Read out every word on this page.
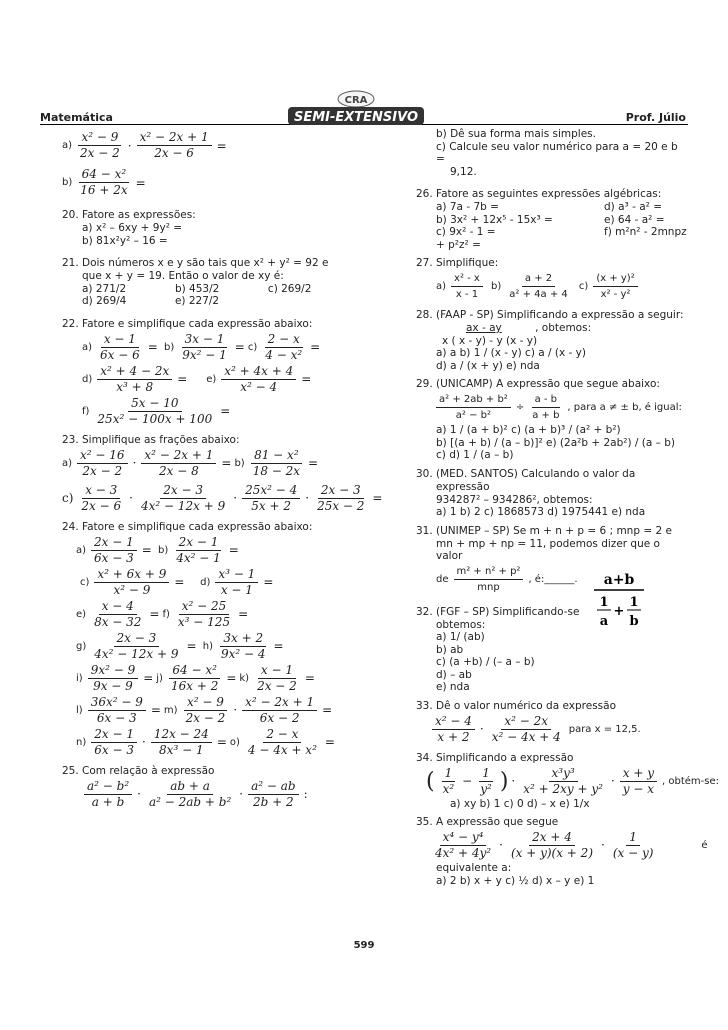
Matemática	Prof. Júlio
CRA
SEMI-EXTENSIVO
$a) \frac{\text{x² − 9}}{2x - 2} \cdot \frac{\text{x² − 2x + 1}}{2x - 6}$ =
$b) \frac{\text{64 − x²}}{16 + 2x}$ =
20. Fatore as expressões:
a) x² – 6xy + 9y² =
b) 81x²y² – 16 =
21. Dois números x e y são tais que x² + y² = 92 e
que x + y = 19. Então o valor de xy é:
a) 271/2	b) 453/2	c) 269/2
d) 269/4	e) 227/2
22. Fatore e simplifique cada expressão abaixo:
$a) \frac{x - 1}{6x - 6} = b) \frac{3x - 1}{\text{9x² − 1}} = c) \frac{2 - x}{\text{4 − x²}}$ =
$d) \frac{\text{x² + 4 − 2x}}{\text{x³ + 8}} = e) \frac{\text{x² + 4x + 4}}{\text{x² − 4}}$ =
$f) \frac{5x - 10}{\text{25x² − 100x + 100}}$ =
23. Simplifique as frações abaixo:
$a) \frac{\text{x² − 16}}{2x - 2} \cdot \frac{\text{x² − 2x + 1}}{2x - 8} = b) \frac{\text{81 − x²}}{18 - 2x}$ =
$c) \frac{x - 3}{2x - 6} \cdot \frac{2x - 3}{\text{4x² − 12x + 9}} \cdot \frac{\text{25x² − 4}}{5x + 2} \cdot \frac{2x - 3}{25x - 2}$ =
24. Fatore e simplifique cada expressão abaixo:
$a) \frac{2x - 1}{6x - 3} = b) \frac{2x - 1}{\text{4x² − 1}}$ =
$c) \frac{\text{x² + 6x + 9}}{\text{x² − 9}} = d) \frac{\text{x³ − 1}}{x - 1}$ =
$e) \frac{x - 4}{8x - 32} = f) \frac{\text{x² − 25}}{\text{x³ − 125}}$ =
$g) \frac{2x - 3}{\text{4x² − 12x + 9}} = h) \frac{3x + 2}{\text{9x² − 4}}$ =
$i) \frac{\text{9x² − 9}}{9x - 9} = j) \frac{\text{64 − x²}}{16x + 2} = k) \frac{x - 1}{2x - 2}$ =
$l) \frac{\text{36x² − 9}}{6x - 3} = m) \frac{\text{x² − 9}}{2x - 2} \cdot \frac{\text{x² − 2x + 1}}{6x - 2}$ =
$n) \frac{2x - 1}{6x - 3} \cdot \frac{12x - 24}{\text{8x³ − 1}} = o) \frac{2 - x}{\text{4 − 4x + x²}}$ =
25. Com relação à expressão
$\frac{\text{a² − b²}}{a + b} \cdot \frac{ab + a}{\text{a² − 2ab + b²}} \cdot \frac{\text{a² − ab}}{2b + 2}$ :
b) Dê sua forma mais simples.
c) Calcule seu valor numérico para a = 20 e b =
9,12.
26. Fatore as seguintes expressões algébricas:
a) 7a - 7b =	d) a³ - a² =
b) 3x² + 12x⁵ - 15x³ =	e) 64 - a² =
c) 9x² - 1 =	f) m²n² - 2mnpz
+ p²z² =
27. Simplifique:
$a) \frac{\text{x² - x}}{x - 1} b) \frac{a + 2}{\text{a² + 4a + 4}} c) \frac{\text{(x + y)²}}{\text{x² - y²}}$
28. (FAAP - SP) Simplificando a expressão a seguir:
ax - ay	, obtemos:
x ( x - y) - y (x - y)
a) a b) 1 / (x - y) c) a / (x - y)
d) a / (x + y) e) nda
29. (UNICAMP) A expressão que segue abaixo:
$\frac{\text{a² + 2ab + b²}}{\text{a² − b²}} \div \frac{a - b}{a + b}$ , para a ≠ ± b, é igual:
a) 1 / (a + b)² c) (a + b)³ / (a² + b²)
b) [(a + b) / (a – b)]² e) (2a²b + 2ab²) / (a – b)
c) d) 1 / (a – b)
30. (MED. SANTOS) Calculando o valor da expressão
934287² – 934286², obtemos:
a) 1 b) 2 c) 1868573 d) 1975441 e) nda
31. (UNIMEP – SP) Se m + n + p = 6 ; mnp = 2 e
mn + mp + np = 11, podemos dizer que o valor
de $\frac{\text{m² + n² + p²}}{\text{mnp}}$ , é:______.
32. (FGF – SP) Simplificando-se
obtemos:
a) 1/ (ab)
b) ab
c) (a +b) / (– a – b)
d) – ab
e) nda
33. Dê o valor numérico da expressão
$\frac{\text{x² − 4}}{x + 2} \cdot \frac{\text{x² − 2x}}{\text{x² − 4x + 4}}$ para x = 12,5.
34. Simplificando a expressão
( $\frac{1}{\text{x²}} - \frac{1}{\text{y²}}$ ) · $\frac{\text{x³y³}}{\text{x² + 2xy + y²}} \cdot \frac{x + y}{y - x}$ , obtém-se:
a) xy b) 1 c) 0 d) – x e) 1/x
35. A expressão que segue
$\frac{\text{x⁴ − y⁴}}{\text{4x² + 4y²}} \cdot \frac{2x + 4}{(x + y)(x + 2)} \cdot \frac{1}{(x - y)}$	é
equivalente a:
a) 2 b) x + y c) ½ d) x – y e) 1
a+b
1
a
+
1
b
599
